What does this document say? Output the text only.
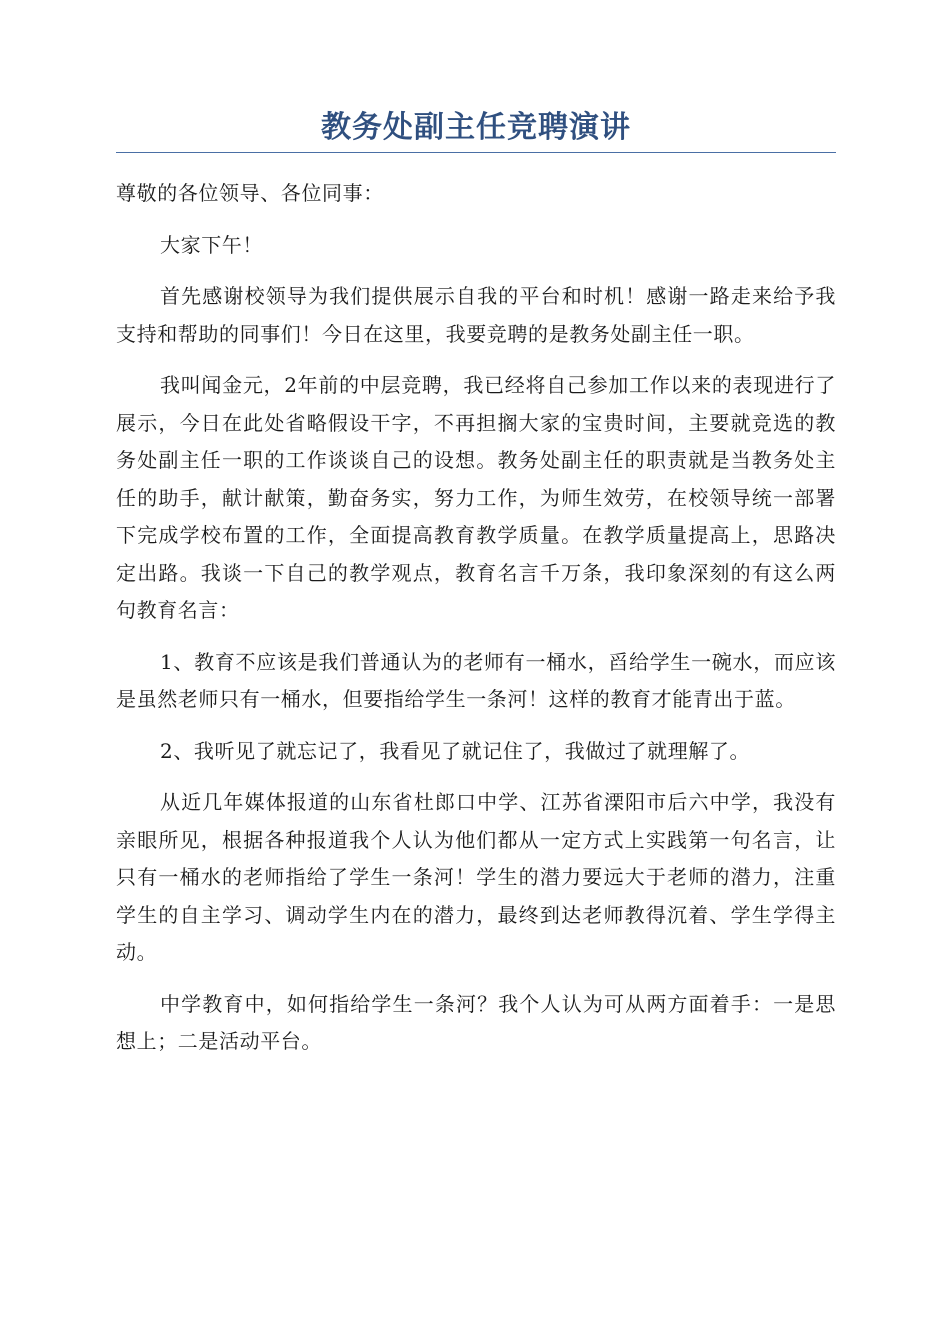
教务处副主任竞聘演讲

尊敬的各位领导、各位同事：

大家下午！

首先感谢校领导为我们提供展示自我的平台和时机！感谢一路走来给予我支持和帮助的同事们！今日在这里，我要竞聘的是教务处副主任一职。

我叫闻金元，2年前的中层竞聘，我已经将自己参加工作以来的表现进行了展示，今日在此处省略假设干字，不再担搁大家的宝贵时间，主要就竞选的教务处副主任一职的工作谈谈自己的设想。教务处副主任的职责就是当教务处主任的助手，献计献策，勤奋务实，努力工作，为师生效劳，在校领导统一部署下完成学校布置的工作，全面提高教育教学质量。在教学质量提高上，思路决定出路。我谈一下自己的教学观点，教育名言千万条，我印象深刻的有这么两句教育名言：

1、教育不应该是我们普通认为的老师有一桶水，舀给学生一碗水，而应该是虽然老师只有一桶水，但要指给学生一条河！这样的教育才能青出于蓝。

2、我听见了就忘记了，我看见了就记住了，我做过了就理解了。

从近几年媒体报道的山东省杜郎口中学、江苏省溧阳市后六中学，我没有亲眼所见，根据各种报道我个人认为他们都从一定方式上实践第一句名言，让只有一桶水的老师指给了学生一条河！学生的潜力要远大于老师的潜力，注重学生的自主学习、调动学生内在的潜力，最终到达老师教得沉着、学生学得主动。

中学教育中，如何指给学生一条河？我个人认为可从两方面着手：一是思想上；二是活动平台。
